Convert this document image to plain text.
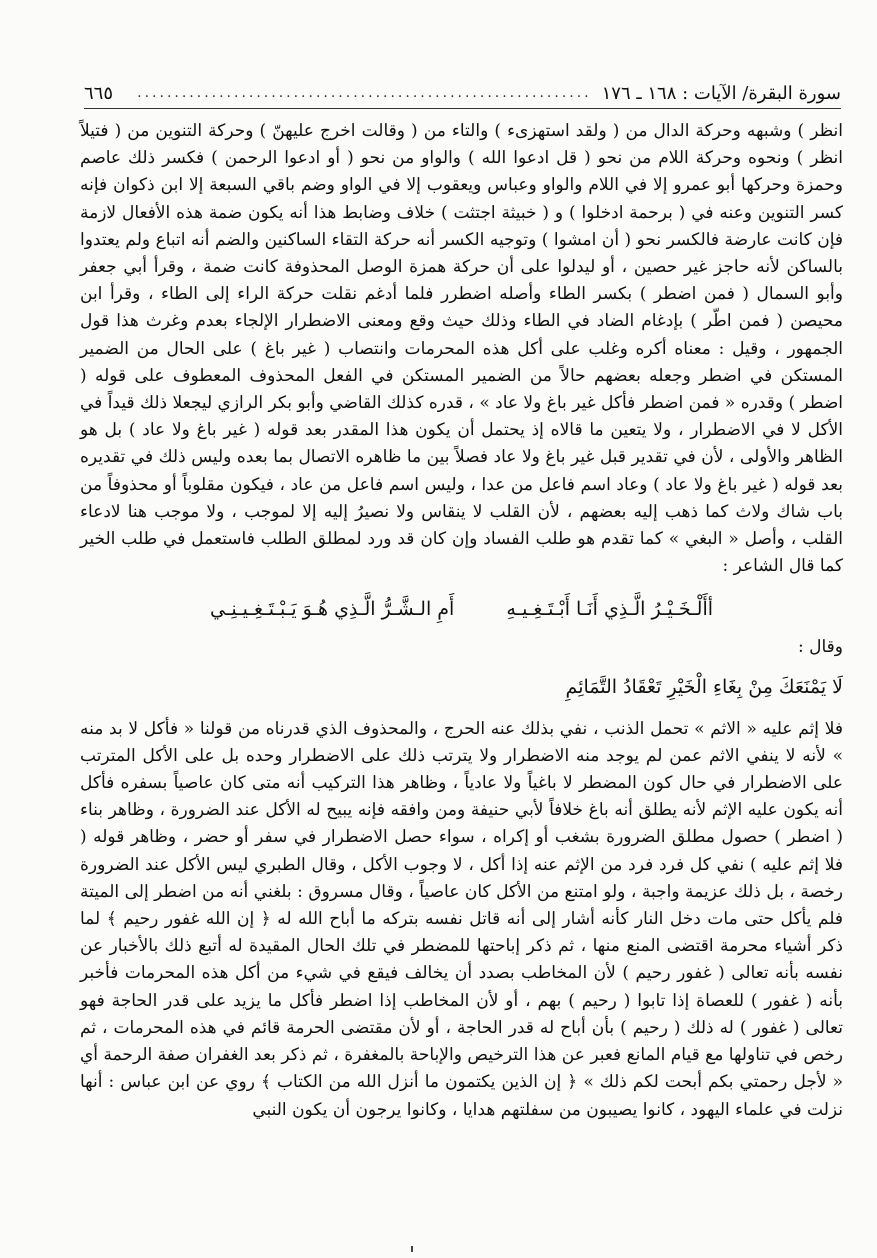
سورة البقرة/ الآيات : ١٦٨ ـ ١٧٦
.............................................................
٦٦٥

انظر ) وشبهه وحركة الدال من ( ولقد استهزىء ) والتاء من ( وقالت اخرج عليهنّ ) وحركة التنوين من ( فتيلاً انظر ) ونحوه وحركة اللام من نحو ( قل ادعوا الله ) والواو من نحو ( أو ادعوا الرحمن ) فكسر ذلك عاصم وحمزة وحركها أبو عمرو إلا في اللام والواو وعباس ويعقوب إلا في الواو وضم باقي السبعة إلا ابن ذكوان فإنه كسر التنوين وعنه في ( برحمة ادخلوا ) و ( خبيثة اجتثت ) خلاف وضابط هذا أنه يكون ضمة هذه الأفعال لازمة فإن كانت عارضة فالكسر نحو ( أن امشوا ) وتوجيه الكسر أنه حركة التقاء الساكنين والضم أنه اتباع ولم يعتدوا بالساكن لأنه حاجز غير حصين ، أو ليدلوا على أن حركة همزة الوصل المحذوفة كانت ضمة ، وقرأ أبي جعفر وأبو السمال ( فمن اضطر ) بكسر الطاء وأصله اضطرر فلما أدغم نقلت حركة الراء إلى الطاء ، وقرأ ابن محيصن ( فمن اطّر ) بإدغام الضاد في الطاء وذلك حيث وقع ومعنى الاضطرار الإلجاء بعدم وغرث هذا قول الجمهور ، وقيل : معناه أكره وغلب على أكل هذه المحرمات وانتصاب ( غير باغ ) على الحال من الضمير المستكن في اضطر وجعله بعضهم حالاً من الضمير المستكن في الفعل المحذوف المعطوف على قوله ( اضطر ) وقدره « فمن اضطر فأكل غير باغ ولا عاد » ، قدره كذلك القاضي وأبو بكر الرازي ليجعلا ذلك قيداً في الأكل لا في الاضطرار ، ولا يتعين ما قالاه إذ يحتمل أن يكون هذا المقدر بعد قوله ( غير باغ ولا عاد ) بل هو الظاهر والأولى ، لأن في تقدير قبل غير باغ ولا عاد فصلاً بين ما ظاهره الاتصال بما بعده وليس ذلك في تقديره بعد قوله ( غير باغ ولا عاد ) وعاد اسم فاعل من عدا ، وليس اسم فاعل من عاد ، فيكون مقلوباً أو محذوفاً من باب شاك ولاث كما ذهب إليه بعضهم ، لأن القلب لا ينقاس ولا نصيرُ إليه إلا لموجب ، ولا موجب هنا لادعاء القلب ، وأصل « البغي » كما تقدم هو طلب الفساد وإن كان قد ورد لمطلق الطلب فاستعمل في طلب الخير كما قال الشاعر :

أأَلْـخَـيْـرُ الَّـذِي أَنَـا أَبْـتَـغِـيـهِ
أَمِ الـشَّـرُّ الَّـذِي هُـوَ يَـبْـتَـغِـيـنِـي

وقال :

لَا يَمْنَعَكَ مِنْ بِغَاءِ الْخَيْرِ تَعْقَادُ التَّمَائِمِ

فلا إثم عليه « الاثم » تحمل الذنب ، نفي بذلك عنه الحرج ، والمحذوف الذي قدرناه من قولنا « فأكل لا بد منه » لأنه لا ينفي الاثم عمن لم يوجد منه الاضطرار ولا يترتب ذلك على الاضطرار وحده بل على الأكل المترتب على الاضطرار في حال كون المضطر لا باغياً ولا عادياً ، وظاهر هذا التركيب أنه متى كان عاصياً بسفره فأكل أنه يكون عليه الإثم لأنه يطلق أنه باغ خلافاً لأبي حنيفة ومن وافقه فإنه يبيح له الأكل عند الضرورة ، وظاهر بناء ( اضطر ) حصول مطلق الضرورة بشغب أو إكراه ، سواء حصل الاضطرار في سفر أو حضر ، وظاهر قوله ( فلا إثم عليه ) نفي كل فرد فرد من الإثم عنه إذا أكل ، لا وجوب الأكل ، وقال الطبري ليس الأكل عند الضرورة رخصة ، بل ذلك عزيمة واجبة ، ولو امتنع من الأكل كان عاصياً ، وقال مسروق : بلغني أنه من اضطر إلى الميتة فلم يأكل حتى مات دخل النار كأنه أشار إلى أنه قاتل نفسه بتركه ما أباح الله له ﴿ إن الله غفور رحيم ﴾ لما ذكر أشياء محرمة اقتضى المنع منها ، ثم ذكر إباحتها للمضطر في تلك الحال المقيدة له أتبع ذلك بالأخبار عن نفسه بأنه تعالى ( غفور رحيم ) لأن المخاطب بصدد أن يخالف فيقع في شيء من أكل هذه المحرمات فأخبر بأنه ( غفور ) للعصاة إذا تابوا ( رحيم ) بهم ، أو لأن المخاطب إذا اضطر فأكل ما يزيد على قدر الحاجة فهو تعالى ( غفور ) له ذلك ( رحيم ) بأن أباح له قدر الحاجة ، أو لأن مقتضى الحرمة قائم في هذه المحرمات ، ثم رخص في تناولها مع قيام المانع فعبر عن هذا الترخيص والإباحة بالمغفرة ، ثم ذكر بعد الغفران صفة الرحمة أي « لأجل رحمتي بكم أبحت لكم ذلك » ﴿ إن الذين يكتمون ما أنزل الله من الكتاب ﴾ روي عن ابن عباس : أنها نزلت في علماء اليهود ، كانوا يصيبون من سفلتهم هدايا ، وكانوا يرجون أن يكون النبي
